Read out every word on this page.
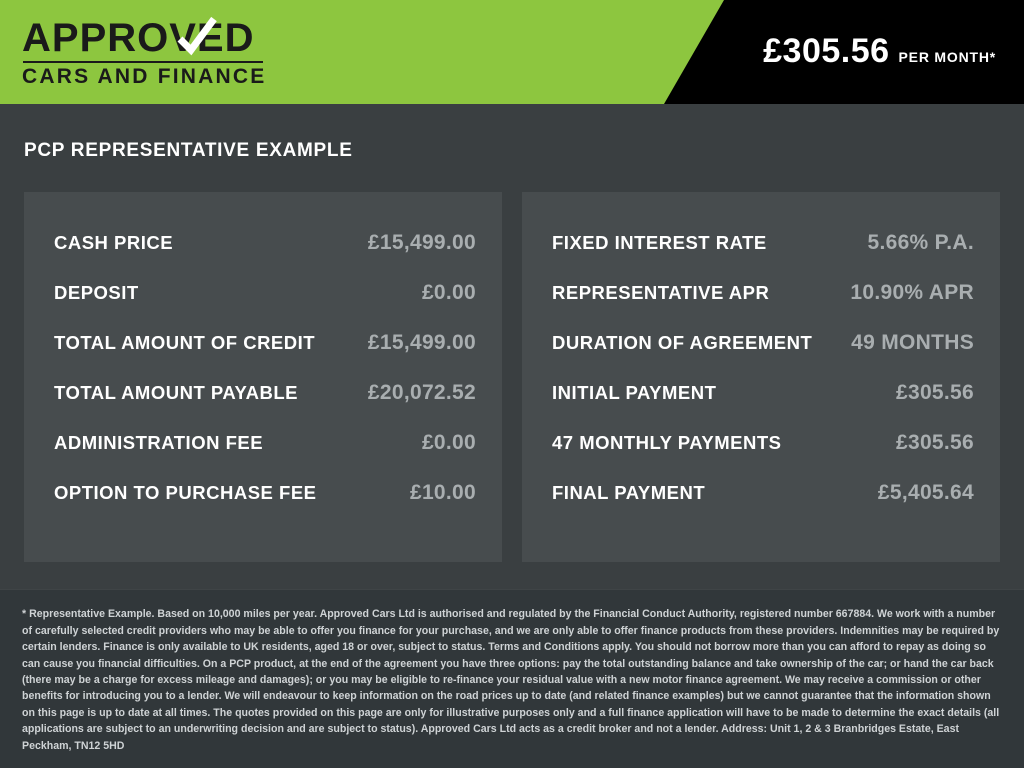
APPROVED
CARS AND FINANCE
£305.56 PER MONTH*
PCP REPRESENTATIVE EXAMPLE
CASH PRICE	£15,499.00
DEPOSIT	£0.00
TOTAL AMOUNT OF CREDIT	£15,499.00
TOTAL AMOUNT PAYABLE	£20,072.52
ADMINISTRATION FEE	£0.00
OPTION TO PURCHASE FEE	£10.00
FIXED INTEREST RATE	5.66% P.A.
REPRESENTATIVE APR	10.90% APR
DURATION OF AGREEMENT 49 MONTHS
INITIAL PAYMENT	£305.56
47 MONTHLY PAYMENTS	£305.56
FINAL PAYMENT	£5,405.64

* Representative Example. Based on 10,000 miles per year. Approved Cars Ltd is authorised and regulated by the Financial Conduct Authority, registered number 667884. We work with a number of carefully selected credit providers who may be able to offer you finance for your purchase, and we are only able to offer finance products from these providers. Indemnities may be required by certain lenders. Finance is only available to UK residents, aged 18 or over, subject to status. Terms and Conditions apply. You should not borrow more than you can afford to repay as doing so can cause you financial difficulties. On a PCP product, at the end of the agreement you have three options: pay the total outstanding balance and take ownership of the car; or hand the car back (there may be a charge for excess mileage and damages); or you may be eligible to re-finance your residual value with a new motor finance agreement. We may receive a commission or other benefits for introducing you to a lender. We will endeavour to keep information on the road prices up to date (and related finance examples) but we cannot guarantee that the information shown on this page is up to date at all times. The quotes provided on this page are only for illustrative purposes only and a full finance application will have to be made to determine the exact details (all applications are subject to an underwriting decision and are subject to status). Approved Cars Ltd acts as a credit broker and not a lender. Address: Unit 1, 2 & 3 Branbridges Estate, East Peckham, TN12 5HD
